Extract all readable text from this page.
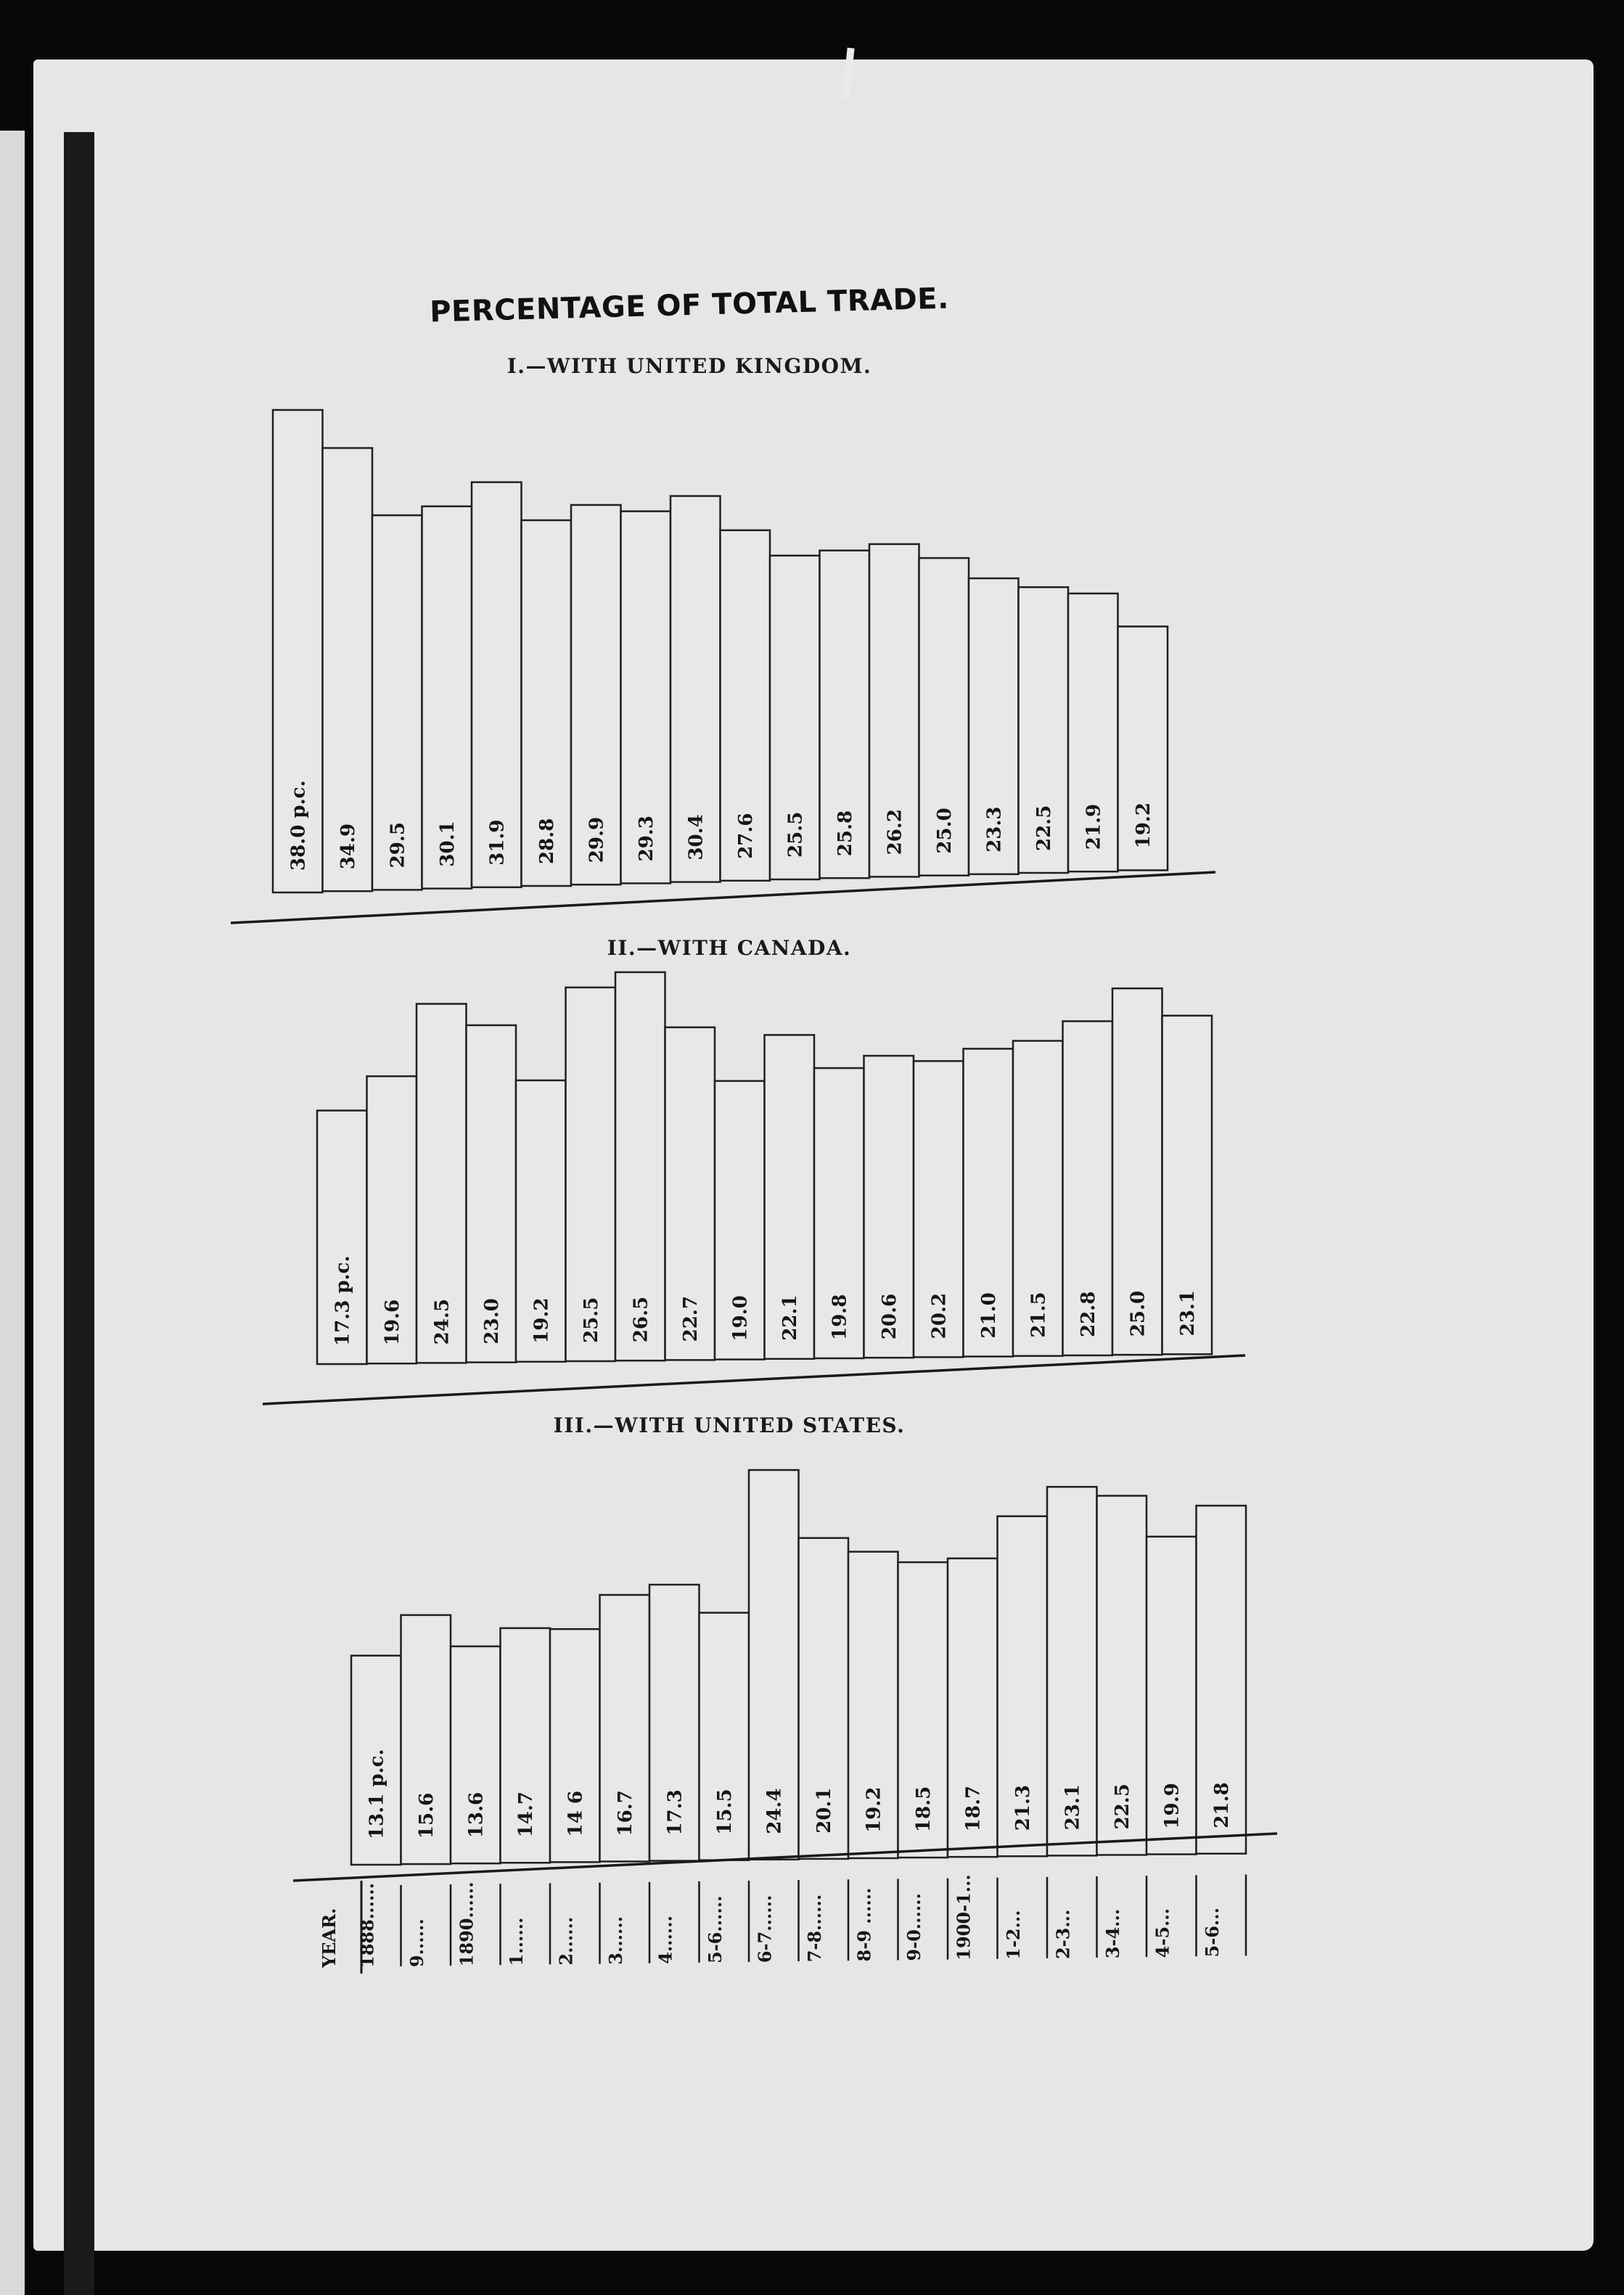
PERCENTAGE OF TOTAL TRADE.
I.—WITH UNITED KINGDOM.
II.—WITH CANADA.
III.—WITH UNITED STATES.
38.0 p.c. 34.9 29.5 30.1 31.9 28.8 29.9 29.3 30.4 27.6 25.5 25.8 26.2 25.0 23.3 22.5 21.9 19.2
17.3 p.c. 19.6 24.5 23.0 19.2 25.5 26.5 22.7 19.0 22.1 19.8 20.6 20.2 21.0 21.5 22.8 25.0 23.1
13.1 p.c. 15.6 13.6 14.7 14 6 16.7 17.3 15.5 24.4 20.1 19.2 18.5 18.7 21.3 23.1 22.5 19.9 21.8
YEAR. 1888...... 9...... 1890...... 1...... 2...... 3...... 4...... 5-6...... 6-7...... 7-8...... 8-9 ...... 9-0...... 1900-1... 1-2... 2-3... 3-4... 4-5... 5-6...
